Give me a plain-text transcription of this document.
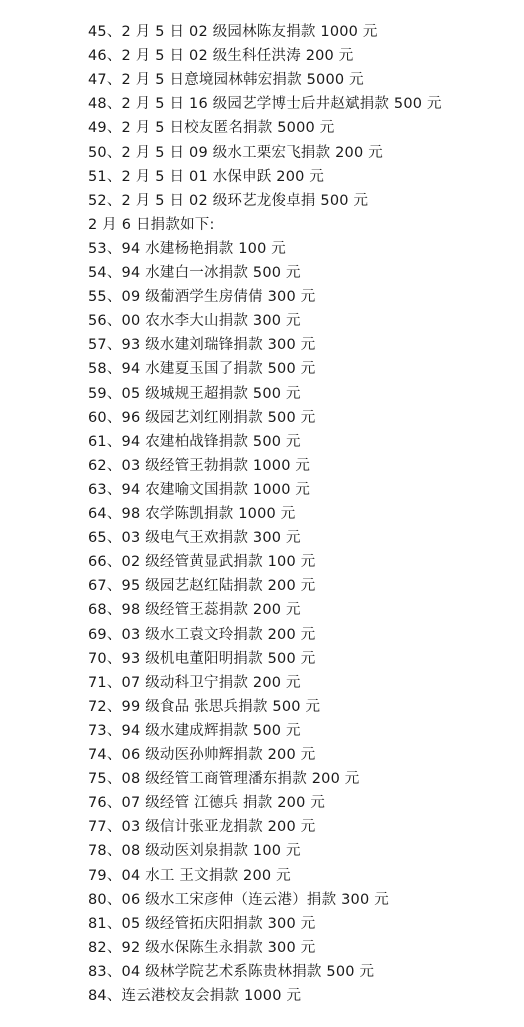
45、2 月 5 日 02 级园林陈友捐款 1000 元
46、2 月 5 日 02 级生科任洪涛 200 元
47、2 月 5 日意境园林韩宏捐款 5000 元
48、2 月 5 日 16 级园艺学博士后井赵斌捐款 500 元
49、2 月 5 日校友匿名捐款 5000 元
50、2 月 5 日 09 级水工栗宏飞捐款 200 元
51、2 月 5 日 01 水保申跃 200 元
52、2 月 5 日 02 级环艺龙俊卓捐 500 元
2 月 6 日捐款如下:
53、94 水建杨艳捐款 100 元
54、94 水建白一冰捐款 500 元
55、09 级葡酒学生房倩倩 300 元
56、00 农水李大山捐款 300 元
57、93 级水建刘瑞锋捐款 300 元
58、94 水建夏玉国了捐款 500 元
59、05 级城规王超捐款 500 元
60、96 级园艺刘红刚捐款 500 元
61、94 农建柏战锋捐款 500 元
62、03 级经管王勃捐款 1000 元
63、94 农建喻文国捐款 1000 元
64、98 农学陈凯捐款 1000 元
65、03 级电气王欢捐款 300 元
66、02 级经管黄显武捐款 100 元
67、95 级园艺赵红陆捐款 200 元
68、98 级经管王蕊捐款 200 元
69、03 级水工袁文玲捐款 200 元
70、93 级机电董阳明捐款 500 元
71、07 级动科卫宁捐款 200 元
72、99 级食品 张思兵捐款 500 元
73、94 级水建成辉捐款 500 元
74、06 级动医孙帅辉捐款 200 元
75、08 级经管工商管理潘东捐款 200 元
76、07 级经管 江德兵 捐款 200 元
77、03 级信计张亚龙捐款 200 元
78、08 级动医刘泉捐款 100 元
79、04 水工 王文捐款 200 元
80、06 级水工宋彦伸（连云港）捐款 300 元
81、05 级经管拓庆阳捐款 300 元
82、92 级水保陈生永捐款 300 元
83、04 级林学院艺术系陈贵林捐款 500 元
84、连云港校友会捐款 1000 元
